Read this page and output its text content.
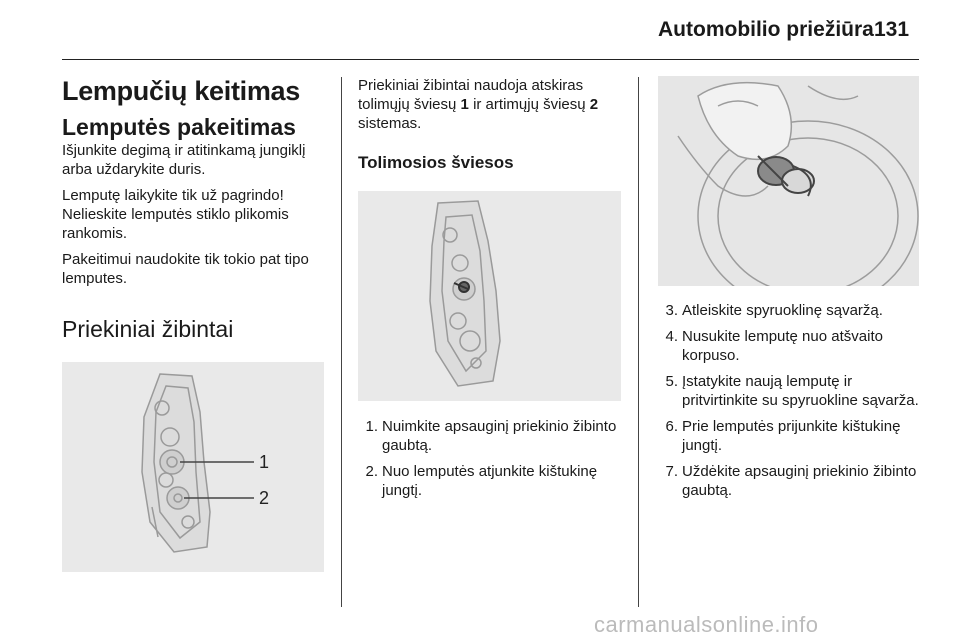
Automobilio priežiūra 131
Lempučių keitimas
Lemputės pakeitimas

Išjunkite degimą ir atitinkamą jungiklį arba uždarykite duris.

Lemputę laikykite tik už pagrindo! Nelieskite lemputės stiklo plikomis rankomis.

Pakeitimui naudokite tik tokio pat tipo lemputes.

Priekiniai žibintai
1
2

Priekiniai žibintai naudoja atskiras tolimųjų šviesų 1 ir artimųjų šviesų 2 sistemas.

Tolimosios šviesos
1. Nuimkite apsauginį priekinio žibinto gaubtą.
2. Nuo lemputės atjunkite kištukinę jungtį.
3. Atleiskite spyruoklinę sąvaržą.
4. Nusukite lemputę nuo atšvaito korpuso.
5. Įstatykite naują lemputę ir pritvirtinkite su spyruokline sąvarža.
6. Prie lemputės prijunkite kištukinę jungtį.
7. Uždėkite apsauginį priekinio žibinto gaubtą.
carmanualsonline.info
